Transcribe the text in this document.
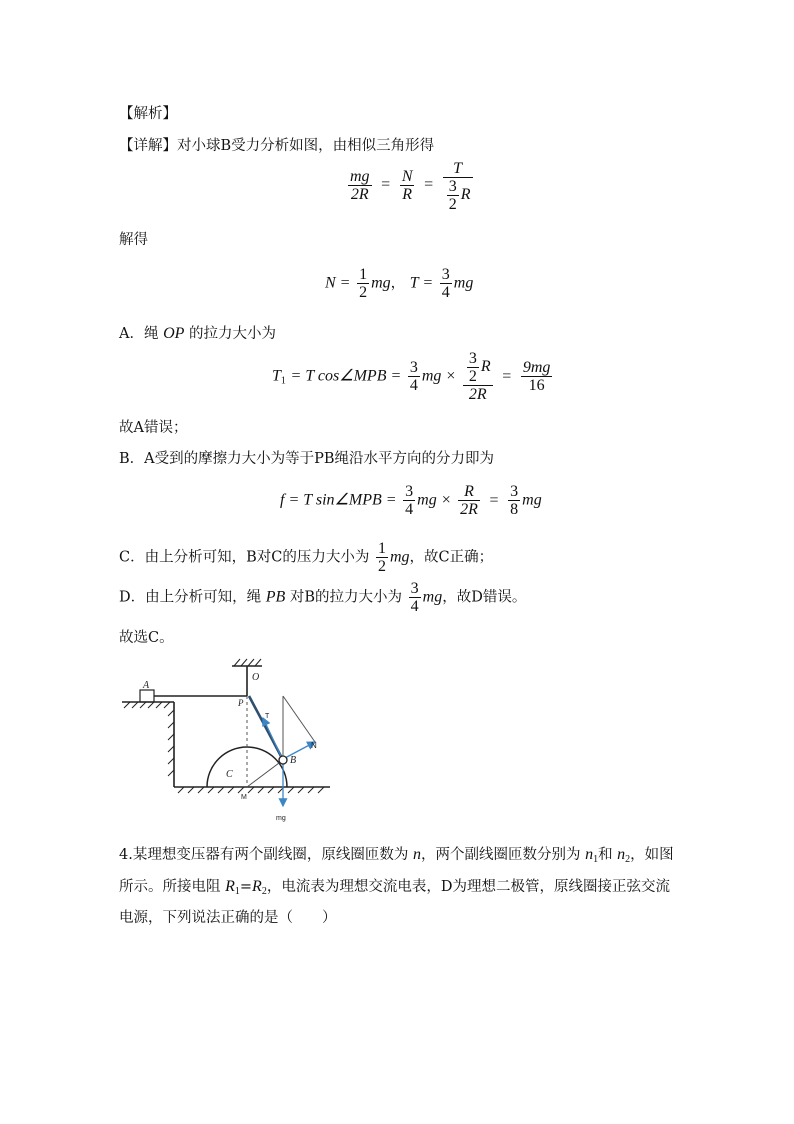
【解析】
【详解】对小球B受力分析如图，由相似三角形得
$\frac{mg}{2R} = \frac{N}{R} = \frac{T}{\frac{3}{2} R}$
解得
$N = \frac{1}{2}$ mg， $T = \frac{3}{4}$ mg
A．绳 OP 的拉力大小为
$T_1 = T$ cos∠MPB = $\frac{3}{4}$ mg × $\frac{\frac{3}{2} R}{2R} = \frac{9mg}{16}$
故A错误；
B．A受到的摩擦力大小为等于PB绳沿水平方向的分力即为
f = T sin∠MPB = $\frac{3}{4}$ mg × $\frac{R}{2R} = \frac{3}{8}$ mg
C．由上分析可知，B对C的压力大小为 $\frac{1}{2}$ mg，故C正确；
D．由上分析可知，绳 PB 对B的拉力大小为 $\frac{3}{4}$ mg，故D错误。
故选C。
A
O
P
T
N
B
C
M
mg
4.某理想变压器有两个副线圈，原线圈匝数为 n，两个副线圈匝数分别为 $n_1$和 $n_2$，如图所示。所接电阻 $R_1=R_2$，电流表为理想交流电表，D为理想二极管，原线圈接正弦交流电源，下列说法正确的是（　　）
